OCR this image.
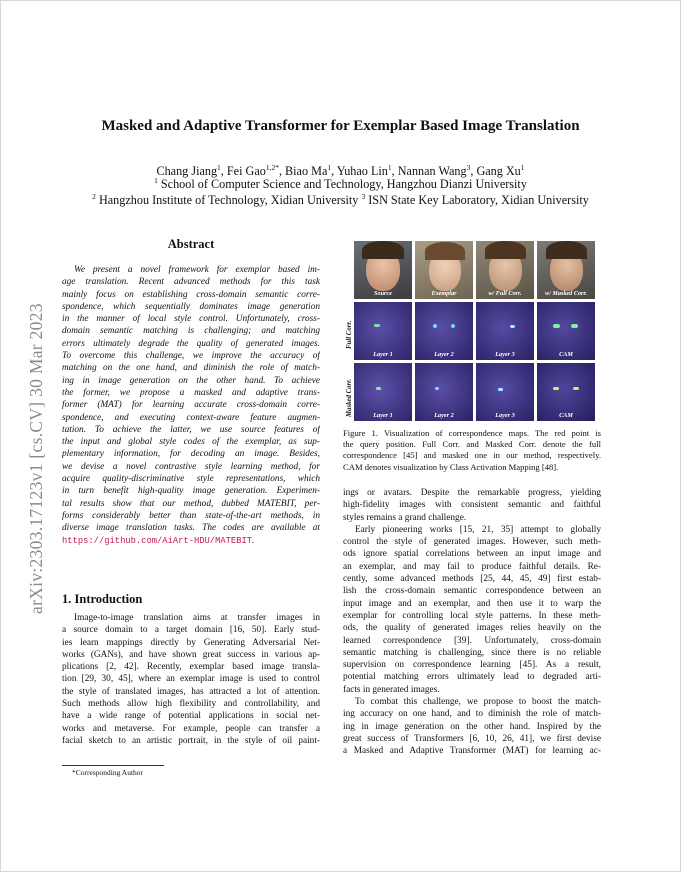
arXiv:2303.17123v1 [cs.CV] 30 Mar 2023
Masked and Adaptive Transformer for Exemplar Based Image Translation
Chang Jiang$^1$, Fei Gao$^{1,2*}$, Biao Ma$^1$, Yuhao Lin$^1$, Nannan Wang$^3$, Gang Xu$^1$
$^1$ School of Computer Science and Technology, Hangzhou Dianzi University
$^2$ Hangzhou Institute of Technology, Xidian University $^3$ ISN State Key Laboratory, Xidian University
Abstract
We present a novel framework for exemplar based im-
age translation. Recent advanced methods for this task
mainly focus on establishing cross-domain semantic corre-
spondence, which sequentially dominates image generation
in the manner of local style control. Unfortunately, cross-
domain semantic matching is challenging; and matching
errors ultimately degrade the quality of generated images.
To overcome this challenge, we improve the accuracy of
matching on the one hand, and diminish the role of match-
ing in image generation on the other hand. To achieve
the former, we propose a masked and adaptive trans-
former (MAT) for learning accurate cross-domain corre-
spondence, and executing context-aware feature augmen-
tation. To achieve the latter, we use source features of
the input and global style codes of the exemplar, as sup-
plementary information, for decoding an image. Besides,
we devise a novel contrastive style learning method, for
acquire quality-discriminative style representations, which
in turn benefit high-quality image generation. Experimen-
tal results show that our method, dubbed MATEBIT, per-
forms considerably better than state-of-the-art methods, in
diverse image translation tasks. The codes are available at
https://github.com/AiArt-HDU/MATEBIT.
1. Introduction
Image-to-image translation aims at transfer images in
a source domain to a target domain [16, 50]. Early stud-
ies learn mappings directly by Generating Adversarial Net-
works (GANs), and have shown great success in various ap-
plications [2, 42]. Recently, exemplar based image transla-
tion [29, 30, 45], where an exemplar image is used to control
the style of translated images, has attracted a lot of attention.
Such methods allow high flexibility and controllability, and
have a wide range of potential applications in social net-
works and metaverse. For example, people can transfer a
facial sketch to an artistic portrait, in the style of oil paint-
*Corresponding Author
Source	Exemplar	w/ Full Corr.	w/ Masked Corr.
Full Corr.
Layer 1	Layer 2	Layer 3	CAM
Masked Corr.	Layer 1	Layer 2	Layer 3	CAM
Figure 1. Visualization of correspondence maps. The red point is
the query position. Full Corr. and Masked Corr. denote the full
correspondence [45] and masked one in our method, respectively.
CAM denotes visualization by Class Activation Mapping [48].
ings or avatars. Despite the remarkable progress, yielding
high-fidelity images with consistent semantic and faithful
styles remains a grand challenge.
Early pioneering works [15, 21, 35] attempt to globally
control the style of generated images. However, such meth-
ods ignore spatial correlations between an input image and
an exemplar, and may fail to produce faithful details. Re-
cently, some advanced methods [25, 44, 45, 49] first estab-
lish the cross-domain semantic correspondence between an
input image and an exemplar, and then use it to warp the
exemplar for controlling local style patterns. In these meth-
ods, the quality of generated images relies heavily on the
learned correspondence [39]. Unfortunately, cross-domain
semantic matching is challenging, since there is no reliable
supervision on correspondence learning [45]. As a result,
potential matching errors ultimately lead to degraded arti-
facts in generated images.
To combat this challenge, we propose to boost the match-
ing accuracy on one hand, and to diminish the role of match-
ing in image generation on the other hand. Inspired by the
great success of Transformers [6, 10, 26, 41], we first devise
a Masked and Adaptive Transformer (MAT) for learning ac-
